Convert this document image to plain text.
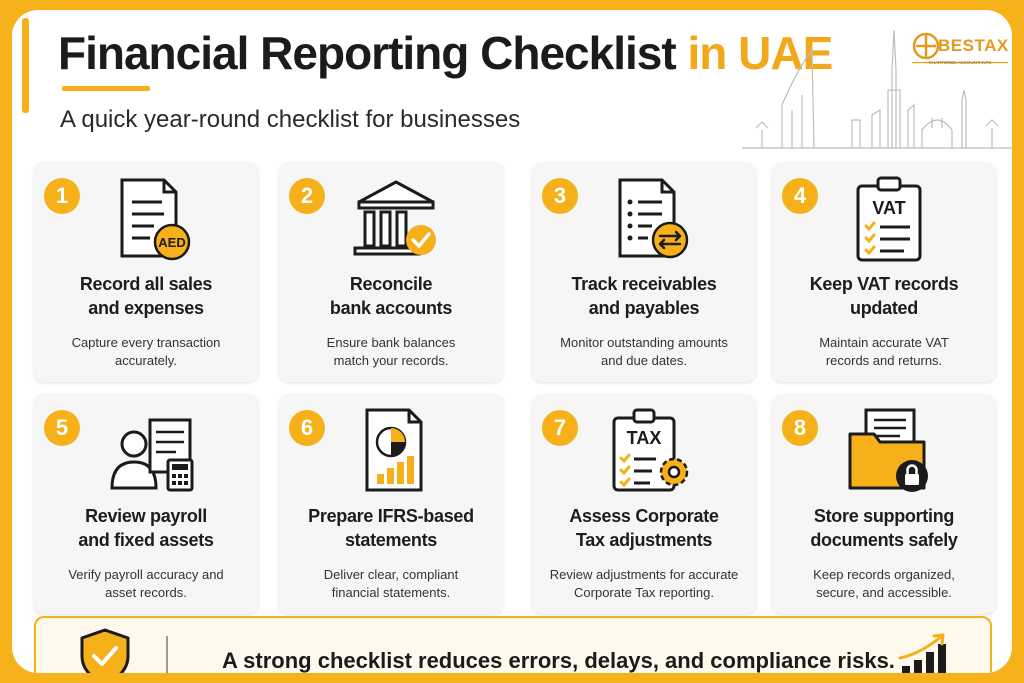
Financial Reporting Checklist in UAE
A quick year-round checklist for businesses
BESTAX
CHARTERED ACCOUNTANTS
1
AED
Record all sales
and expenses
Capture every transaction
accurately.
2
Reconcile
bank accounts
Ensure bank balances
match your records.
3
Track receivables
and payables
Monitor outstanding amounts
and due dates.
4	VAT
Keep VAT records
updated
Maintain accurate VAT
records and returns.
5
Review payroll
and fixed assets
Verify payroll accuracy and
asset records.
6
Prepare IFRS-based
statements
Deliver clear, compliant
financial statements.
7	TAX
Assess Corporate
Tax adjustments
Review adjustments for accurate
Corporate Tax reporting.
8
Store supporting
documents safely
Keep records organized,
secure, and accessible.
A strong checklist reduces errors, delays, and compliance risks.
